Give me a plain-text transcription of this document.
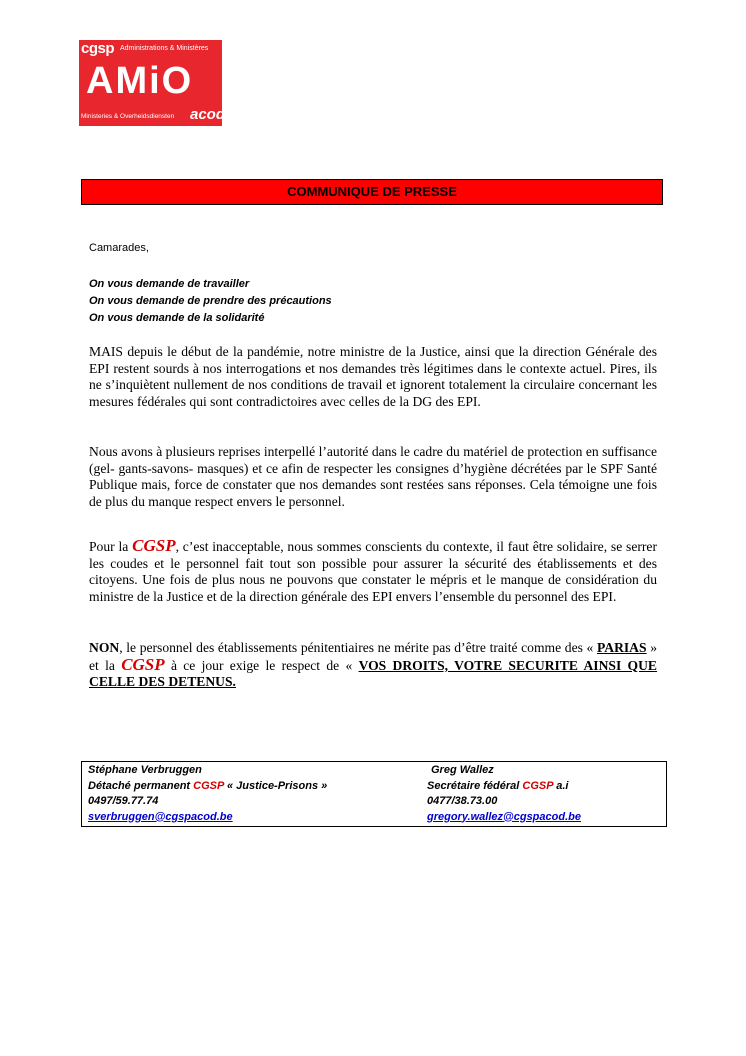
cgsp Administrations & Ministères
AMiO
Ministeries & Overheidsdiensten acod
COMMUNIQUE DE PRESSE
Camarades,
On vous demande de travailler
On vous demande de prendre des précautions
On vous demande de la solidarité
MAIS depuis le début de la pandémie, notre ministre de la Justice, ainsi que la direction Générale des EPI restent sourds à nos interrogations et nos demandes très légitimes dans le contexte actuel. Pires, ils ne s’inquiètent nullement de nos conditions de travail et ignorent totalement la circulaire concernant les mesures fédérales qui sont contradictoires avec celles de la DG des EPI.
Nous avons à plusieurs reprises interpellé l’autorité dans le cadre du matériel de protection en suffisance (gel- gants-savons- masques) et ce afin de respecter les consignes d’hygiène décrétées par le SPF Santé Publique mais, force de constater que nos demandes sont restées sans réponses. Cela témoigne une fois de plus du manque respect envers le personnel.
Pour la CGSP, c’est inacceptable, nous sommes conscients du contexte, il faut être solidaire, se serrer les coudes et le personnel fait tout son possible pour assurer la sécurité des établissements et des citoyens. Une fois de plus nous ne pouvons que constater le mépris et le manque de considération du ministre de la Justice et de la direction générale des EPI envers l’ensemble du personnel des EPI.
NON, le personnel des établissements pénitentiaires ne mérite pas d’être traité comme des « PARIAS » et la CGSP à ce jour exige le respect de « VOS DROITS, VOTRE SECURITE AINSI QUE CELLE DES DETENUS.
Stéphane Verbruggen
Détaché permanent CGSP « Justice-Prisons »
0497/59.77.74
sverbruggen@cgspacod.be
Greg Wallez
Secrétaire fédéral CGSP a.i
0477/38.73.00
gregory.wallez@cgspacod.be
